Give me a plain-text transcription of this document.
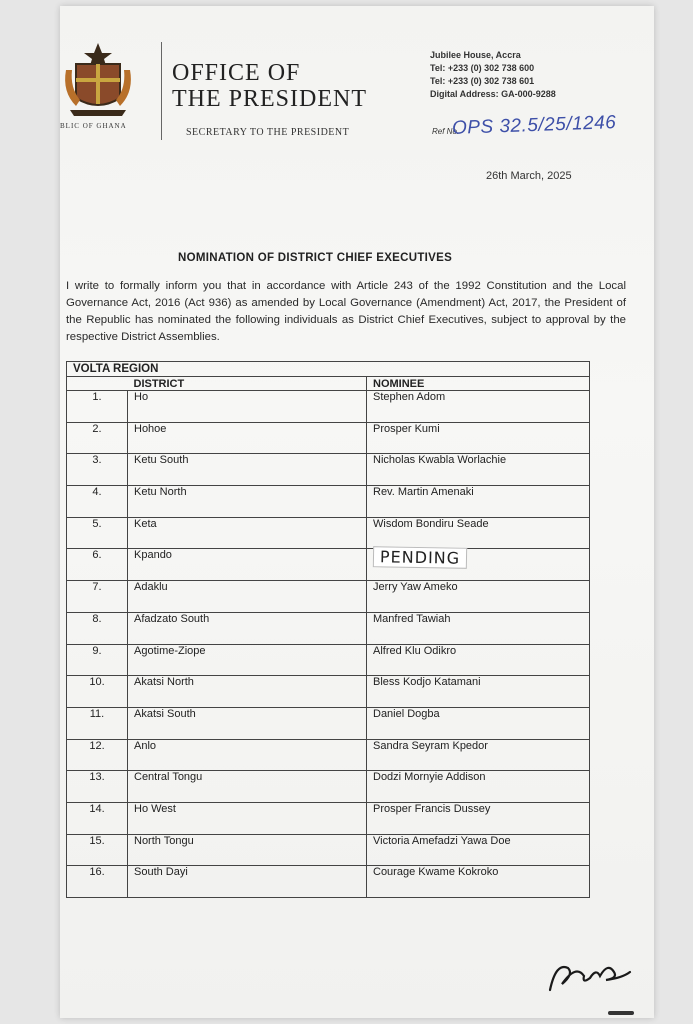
BLIC OF GHANA
OFFICE OF
THE PRESIDENT
SECRETARY TO THE PRESIDENT
Jubilee House, Accra
Tel: +233 (0) 302 738 600
Tel: +233 (0) 302 738 601
Digital Address: GA-000-9288
Ref No.
OPS 32.5/25/1246
26th March, 2025
NOMINATION OF DISTRICT CHIEF EXECUTIVES
I write to formally inform you that in accordance with Article 243 of the 1992 Constitution and the Local Governance Act, 2016 (Act 936) as amended by Local Governance (Amendment) Act, 2017, the President of the Republic has nominated the following individuals as District Chief Executives, subject to approval by the respective District Assemblies.
VOLTA REGION		
	DISTRICT	NOMINEE
1.	Ho	Stephen Adom
2.	Hohoe	Prosper Kumi
3.	Ketu South	Nicholas Kwabla Worlachie
4.	Ketu North	Rev. Martin Amenaki
5.	Keta	Wisdom Bondiru Seade
6.	Kpando	PENDING
7.	Adaklu	Jerry Yaw Ameko
8.	Afadzato South	Manfred Tawiah
9.	Agotime-Ziope	Alfred Klu Odikro
10.	Akatsi North	Bless Kodjo Katamani
11.	Akatsi South	Daniel Dogba
12.	Anlo	Sandra Seyram Kpedor
13.	Central Tongu	Dodzi Mornyie Addison
14.	Ho West	Prosper Francis Dussey
15.	North Tongu	Victoria Amefadzi Yawa Doe
16.	South Dayi	Courage Kwame Kokroko
